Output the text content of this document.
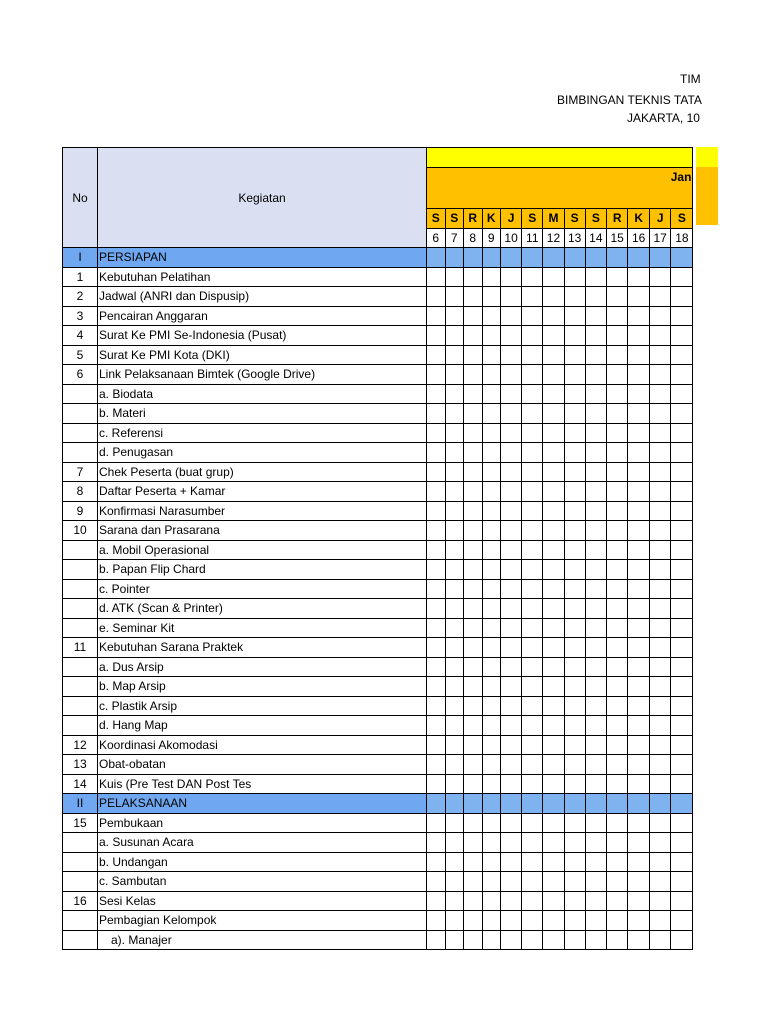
TIM
BIMBINGAN TEKNIS TATA
JAKARTA, 10
No	Kegiatan													
		Jan												
		S	S	R	K	J	S	M	S	S	R	K	J	S
		6	7	8	9	10	11	12	13	14	15	16	17	18
I	PERSIAPAN													
1	Kebutuhan Pelatihan													
2	Jadwal (ANRI dan Dispusip)													
3	Pencairan Anggaran													
4	Surat Ke PMI Se-Indonesia (Pusat)													
5	Surat Ke PMI Kota (DKI)													
6	Link Pelaksanaan Bimtek (Google Drive)													
	a. Biodata													
	b. Materi													
	c. Referensi													
	d. Penugasan													
7	Chek Peserta (buat grup)													
8	Daftar Peserta + Kamar													
9	Konfirmasi Narasumber													
10	Sarana dan Prasarana													
	a. Mobil Operasional													
	b. Papan Flip Chard													
	c. Pointer													
	d. ATK (Scan & Printer)													
	e. Seminar Kit													
11	Kebutuhan Sarana Praktek													
	a. Dus Arsip													
	b. Map Arsip													
	c. Plastik Arsip													
	d. Hang Map													
12	Koordinasi Akomodasi													
13	Obat-obatan													
14	Kuis (Pre Test DAN Post Tes													
II	PELAKSANAAN													
15	Pembukaan													
	a. Susunan Acara													
	b. Undangan													
	c. Sambutan													
16	Sesi Kelas													
	Pembagian Kelompok													
	a). Manajer													
